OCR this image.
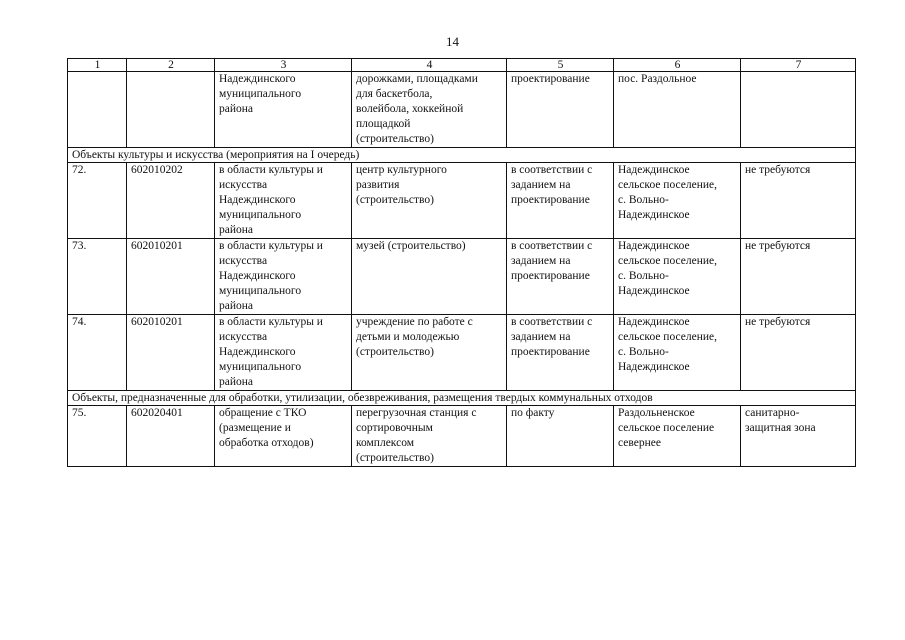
14
1	2	3	4	5	6	7

		Надеждинского
муниципального
района	дорожками, площадками
для баскетбола,
волейбола, хоккейной
площадкой
(строительство)	проектирование	пос. Раздольное	

Объекты культуры и искусства (мероприятия на I очередь)						

72.	602010202	в области культуры и
искусства
Надеждинского
муниципального
района	центр культурного
развития
(строительство)	в соответствии с
заданием на
проектирование	Надеждинское
сельское поселение,
с. Вольно-
Надеждинское	не требуются

73.	602010201	в области культуры и
искусства
Надеждинского
муниципального
района	музей (строительство)	в соответствии с
заданием на
проектирование	Надеждинское
сельское поселение,
с. Вольно-
Надеждинское	не требуются

74.	602010201	в области культуры и
искусства
Надеждинского
муниципального
района	учреждение по работе с
детьми и молодежью
(строительство)	в соответствии с
заданием на
проектирование	Надеждинское
сельское поселение,
с. Вольно-
Надеждинское	не требуются

Объекты, предназначенные для обработки, утилизации, обезвреживания, размещения твердых коммунальных отходов						

75.	602020401	обращение с ТКО
(размещение и
обработка отходов)	перегрузочная станция с
сортировочным
комплексом
(строительство)	по факту	Раздольненское
сельское поселение
севернее	санитарно-
защитная зона
